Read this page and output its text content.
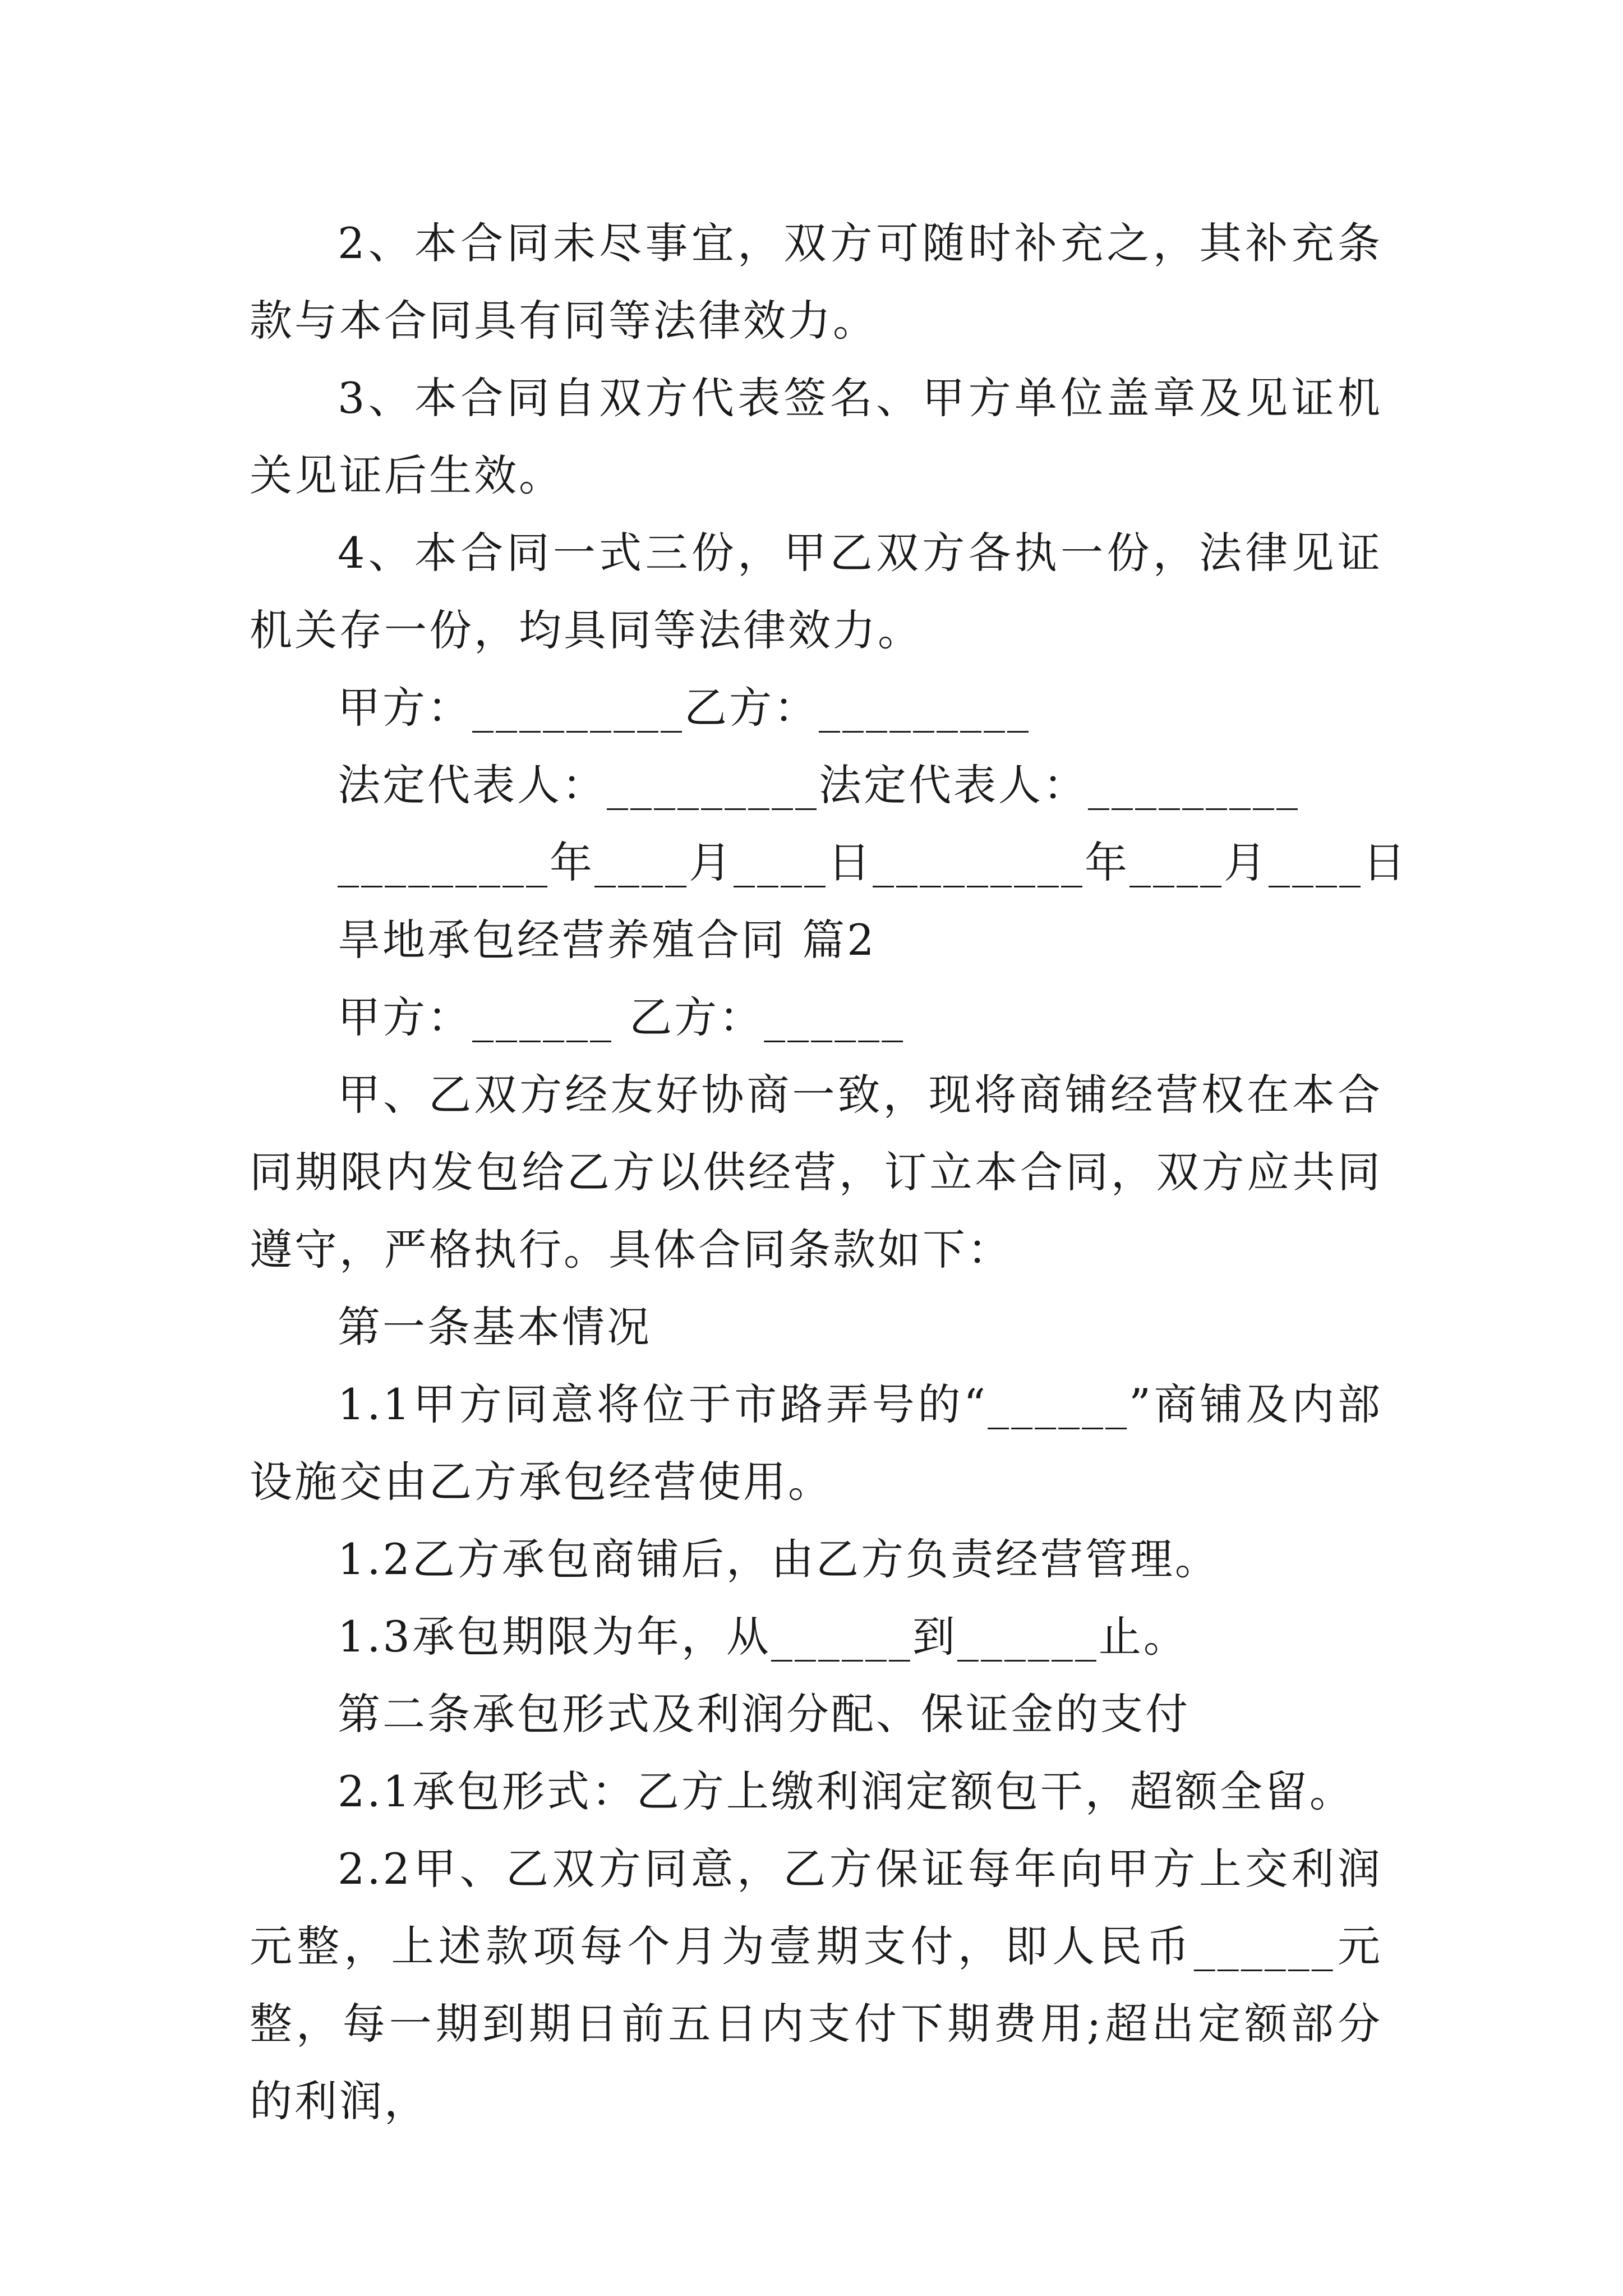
2、本合同未尽事宜，双方可随时补充之，其补充条款与本合同具有同等法律效力。
3、本合同自双方代表签名、甲方单位盖章及见证机关见证后生效。
4、本合同一式三份，甲乙双方各执一份，法律见证机关存一份，均具同等法律效力。
甲方：_________乙方：_________
法定代表人：_________法定代表人：_________
_________年____月____日_________年____月____日
旱地承包经营养殖合同 篇2
甲方：______ 乙方：______
甲、乙双方经友好协商一致，现将商铺经营权在本合同期限内发包给乙方以供经营，订立本合同，双方应共同遵守，严格执行。具体合同条款如下：
第一条基本情况
1.1甲方同意将位于市路弄号的“______”商铺及内部设施交由乙方承包经营使用。
1.2乙方承包商铺后，由乙方负责经营管理。
1.3承包期限为年，从______到______止。
第二条承包形式及利润分配、保证金的支付
2.1承包形式：乙方上缴利润定额包干，超额全留。
2.2甲、乙双方同意，乙方保证每年向甲方上交利润元整，上述款项每个月为壹期支付，即人民币______元整，每一期到期日前五日内支付下期费用;超出定额部分的利润，
